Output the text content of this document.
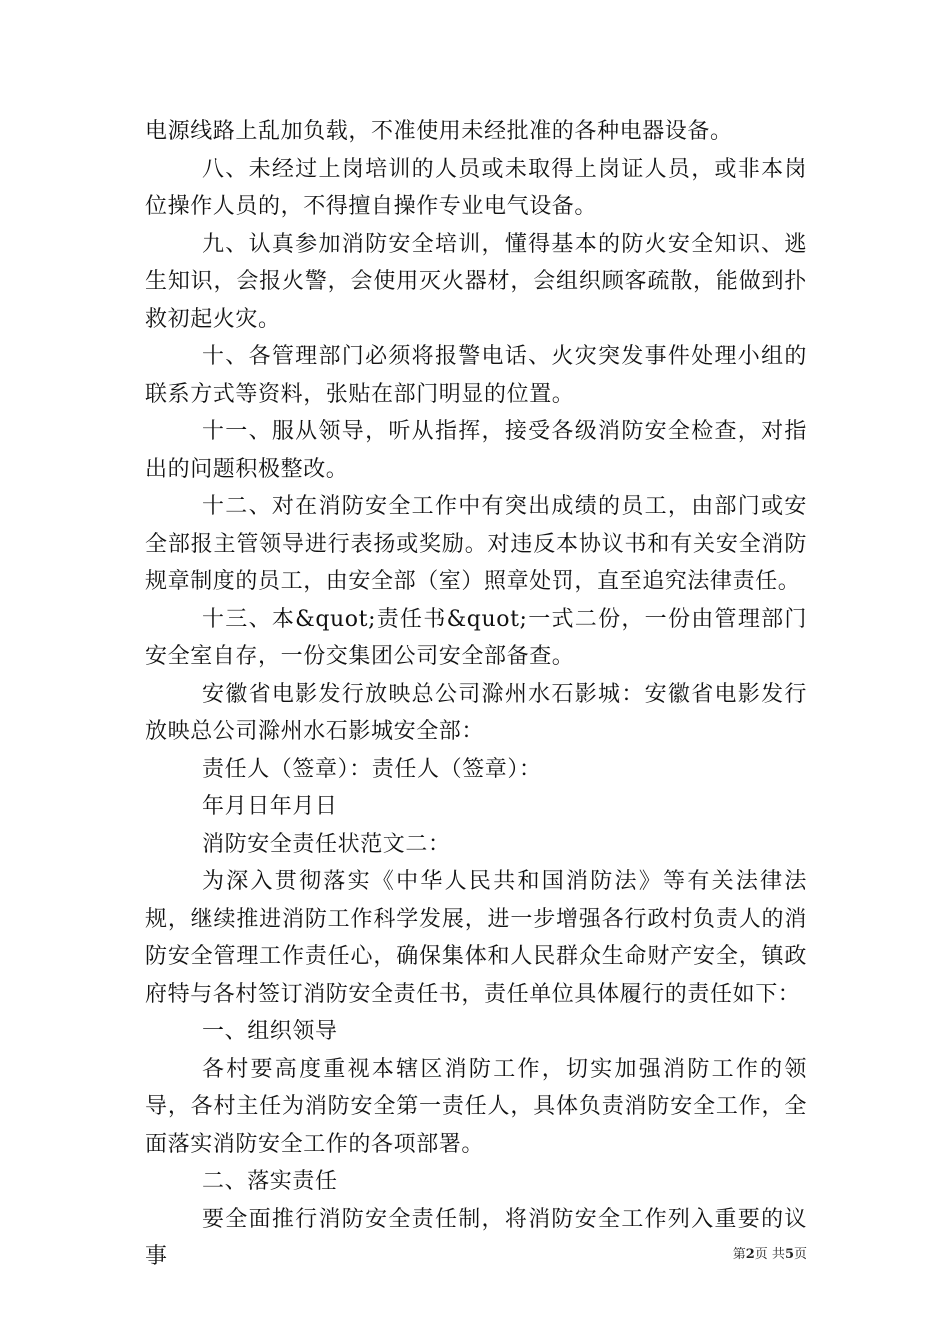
电源线路上乱加负载，不准使用未经批准的各种电器设备。

八、未经过上岗培训的人员或未取得上岗证人员，或非本岗位操作人员的，不得擅自操作专业电气设备。

九、认真参加消防安全培训，懂得基本的防火安全知识、逃生知识，会报火警，会使用灭火器材，会组织顾客疏散，能做到扑救初起火灾。

十、各管理部门必须将报警电话、火灾突发事件处理小组的联系方式等资料，张贴在部门明显的位置。

十一、服从领导，听从指挥，接受各级消防安全检查，对指出的问题积极整改。

十二、对在消防安全工作中有突出成绩的员工，由部门或安全部报主管领导进行表扬或奖励。对违反本协议书和有关安全消防规章制度的员工，由安全部（室）照章处罚，直至追究法律责任。

十三、本&quot;责任书&quot;一式二份，一份由管理部门安全室自存，一份交集团公司安全部备查。

安徽省电影发行放映总公司滁州水石影城：安徽省电影发行放映总公司滁州水石影城安全部：

责任人（签章）：责任人（签章）：

年月日年月日

消防安全责任状范文二：

为深入贯彻落实《中华人民共和国消防法》等有关法律法规，继续推进消防工作科学发展，进一步增强各行政村负责人的消防安全管理工作责任心，确保集体和人民群众生命财产安全，镇政府特与各村签订消防安全责任书，责任单位具体履行的责任如下：

一、组织领导

各村要高度重视本辖区消防工作，切实加强消防工作的领导，各村主任为消防安全第一责任人，具体负责消防安全工作，全面落实消防安全工作的各项部署。

二、落实责任

要全面推行消防安全责任制，将消防安全工作列入重要的议事	第2页 共5页
